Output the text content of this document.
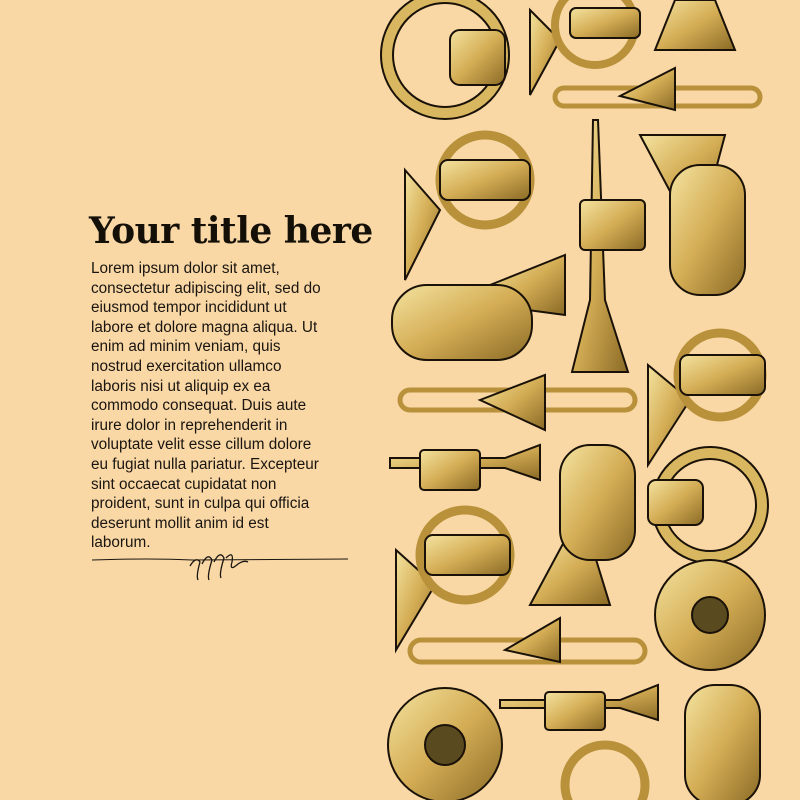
Your title here
Lorem ipsum dolor sit amet,
consectetur adipiscing elit, sed do
eiusmod tempor incididunt ut
labore et dolore magna aliqua. Ut
enim ad minim veniam, quis
nostrud exercitation ullamco
laboris nisi ut aliquip ex ea
commodo consequat. Duis aute
irure dolor in reprehenderit in
voluptate velit esse cillum dolore
eu fugiat nulla pariatur. Excepteur
sint occaecat cupidatat non
proident, sunt in culpa qui officia
deserunt mollit anim id est
laborum.
